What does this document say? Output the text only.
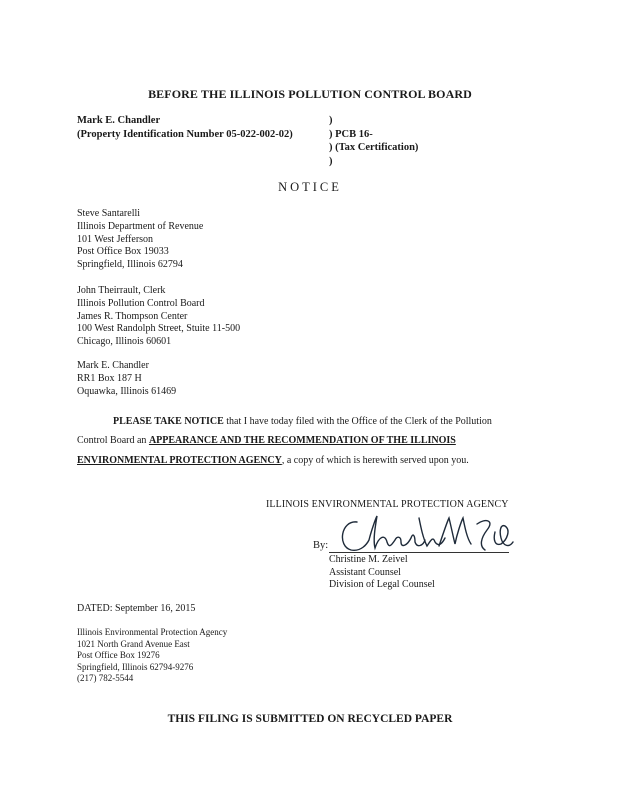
BEFORE THE ILLINOIS POLLUTION CONTROL BOARD
Mark E. Chandler
(Property Identification Number 05-022-002-02)
)
) PCB 16-
) (Tax Certification)
)
NOTICE
Steve Santarelli
Illinois Department of Revenue
101 West Jefferson
Post Office Box 19033
Springfield, Illinois 62794
John Theirrault, Clerk
Illinois Pollution Control Board
James R. Thompson Center
100 West Randolph Street, Stuite 11-500
Chicago, Illinois 60601
Mark E. Chandler
RR1 Box 187 H
Oquawka, Illinois 61469
PLEASE TAKE NOTICE that I have today filed with the Office of the Clerk of the Pollution
Control Board an APPEARANCE AND THE RECOMMENDATION OF THE ILLINOIS
ENVIRONMENTAL PROTECTION AGENCY, a copy of which is herewith served upon you.
ILLINOIS ENVIRONMENTAL PROTECTION AGENCY
By:
Christine M. Zeivel
Assistant Counsel
Division of Legal Counsel
DATED: September 16, 2015
Illinois Environmental Protection Agency
1021 North Grand Avenue East
Post Office Box 19276
Springfield, Illinois 62794-9276
(217) 782-5544
THIS FILING IS SUBMITTED ON RECYCLED PAPER
